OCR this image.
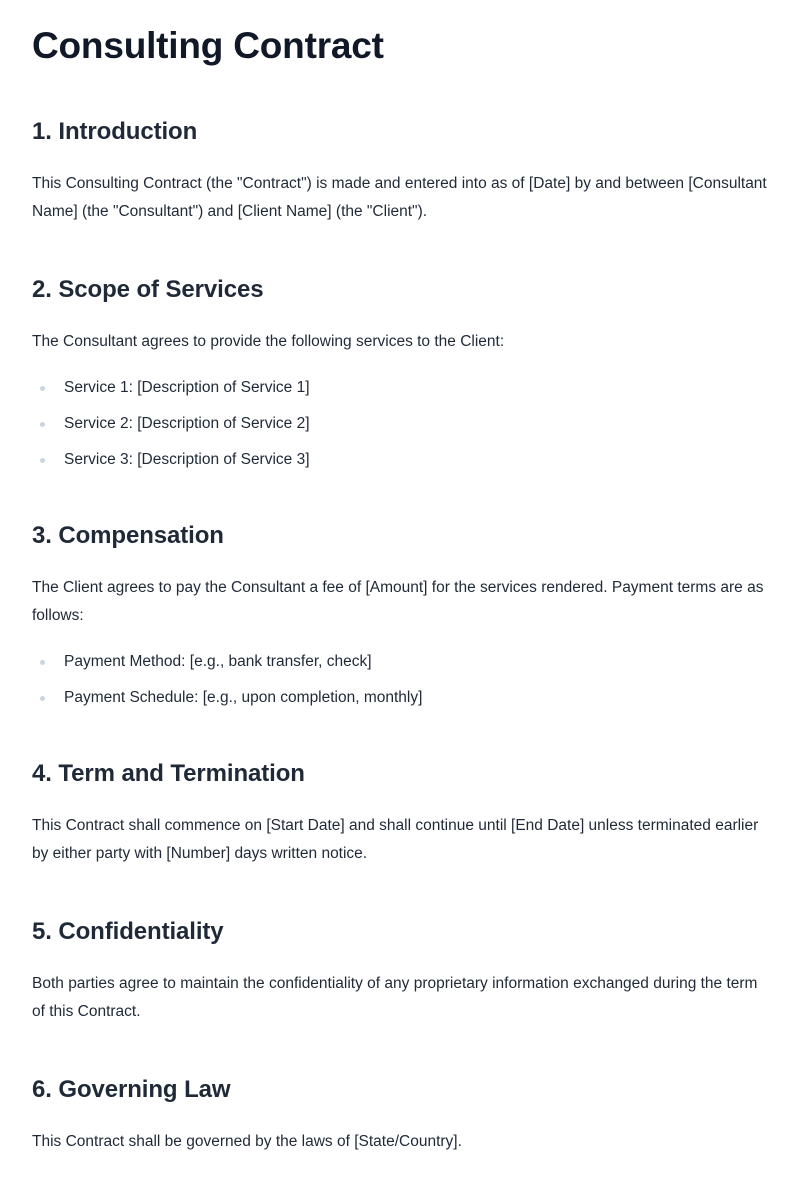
Consulting Contract
1. Introduction

This Consulting Contract (the "Contract") is made and entered into as of [Date] by and between [Consultant Name] (the "Consultant") and [Client Name] (the "Client").

2. Scope of Services

The Consultant agrees to provide the following services to the Client:

Service 1: [Description of Service 1]
Service 2: [Description of Service 2]
Service 3: [Description of Service 3]
3. Compensation

The Client agrees to pay the Consultant a fee of [Amount] for the services rendered. Payment terms are as follows:

Payment Method: [e.g., bank transfer, check]
Payment Schedule: [e.g., upon completion, monthly]
4. Term and Termination

This Contract shall commence on [Start Date] and shall continue until [End Date] unless terminated earlier by either party with [Number] days written notice.

5. Confidentiality

Both parties agree to maintain the confidentiality of any proprietary information exchanged during the term of this Contract.

6. Governing Law

This Contract shall be governed by the laws of [State/Country].
